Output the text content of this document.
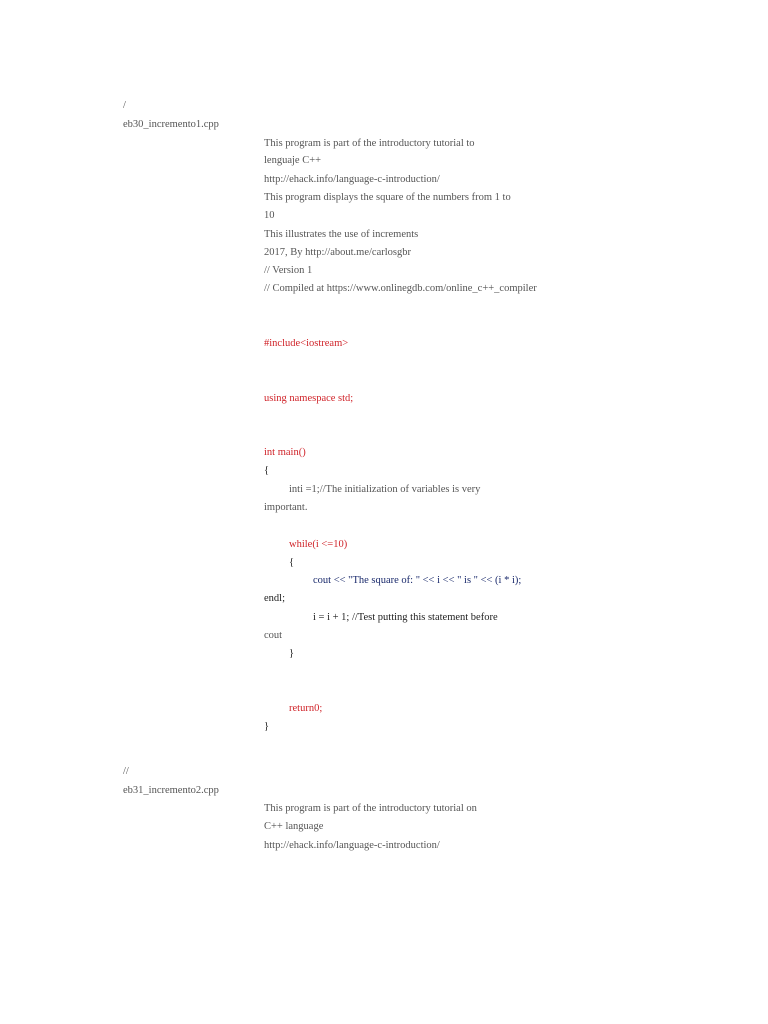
/
eb30_incremento1.cpp
This program is part of the introductory tutorial to
lenguaje C++
http://ehack.info/language-c-introduction/
This program displays the square of the numbers from 1 to
10
This illustrates the use of increments
2017, By http://about.me/carlosgbr
// Version 1
// Compiled at https://www.onlinegdb.com/online_c++_compiler
#include<iostream>
using namespace std;
int main()
{
inti =1;//The initialization of variables is very
important.
while(i <=10)
{
cout << "The square of: " << i << " is " << (i * i);
endl;
i = i + 1; //Test putting this statement before
cout
}
return0;
}
//
eb31_incremento2.cpp
This program is part of the introductory tutorial on
C++ language
http://ehack.info/language-c-introduction/
